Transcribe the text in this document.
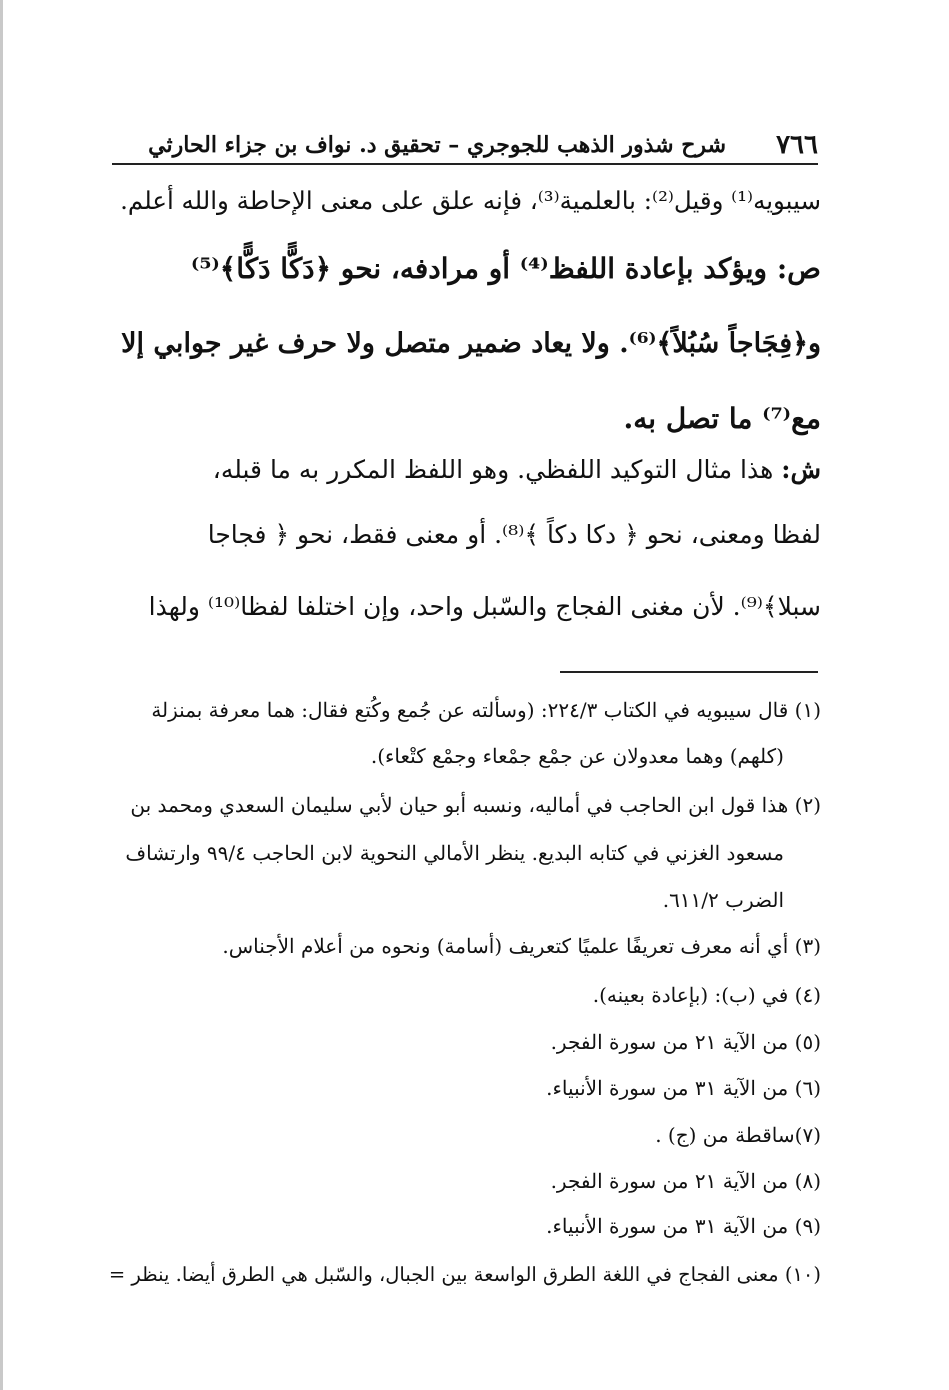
٧٦٦
شرح شذور الذهب للجوجري – تحقيق د. نواف بن جزاء الحارثي
سيبويه⁽¹⁾ وقيل⁽²⁾: بالعلمية⁽³⁾، فإنه علق على معنى الإحاطة والله أعلم.
ص: ويؤكد بإعادة اللفظ⁽⁴⁾ أو مرادفه، نحو ﴿دَكًّا دَكًّا﴾⁽⁵⁾
و﴿فِجَاجاً سُبُلاً﴾⁽⁶⁾. ولا يعاد ضمير متصل ولا حرف غير جوابي إلا
مع⁽⁷⁾ ما تصل به.
ش: هذا مثال التوكيد اللفظي. وهو اللفظ المكرر به ما قبله،
لفظا ومعنى، نحو ﴿ دكا دكاً ﴾⁽⁸⁾. أو معنى فقط، نحو ﴿ فجاجا
سبلا﴾⁽⁹⁾. لأن مغنى الفجاج والسّبل واحد، وإن اختلفا لفظا⁽¹⁰⁾ ولهذا
(١) قال سيبويه في الكتاب ٢٢٤/٣: (وسألته عن جُمع وكُتع فقال: هما معرفة بمنزلة
(كلهم) وهما معدولان عن جمْع جمْعاء وجمْع كتْعاء).
(٢) هذا قول ابن الحاجب في أماليه، ونسبه أبو حيان لأبي سليمان السعدي ومحمد بن
مسعود الغزني في كتابه البديع. ينظر الأمالي النحوية لابن الحاجب ٩٩/٤ وارتشاف
الضرب ٦١١/٢.
(٣) أي أنه معرف تعريفًا علميًا كتعريف (أسامة) ونحوه من أعلام الأجناس.
(٤) في (ب): (بإعادة بعينه).
(٥) من الآية ٢١ من سورة الفجر.
(٦) من الآية ٣١ من سورة الأنبياء.
(٧)ساقطة من (ج) .
(٨) من الآية ٢١ من سورة الفجر.
(٩) من الآية ٣١ من سورة الأنبياء.
(١٠) معنى الفجاج في اللغة الطرق الواسعة بين الجبال، والسّبل هي الطرق أيضا. ينظر =
